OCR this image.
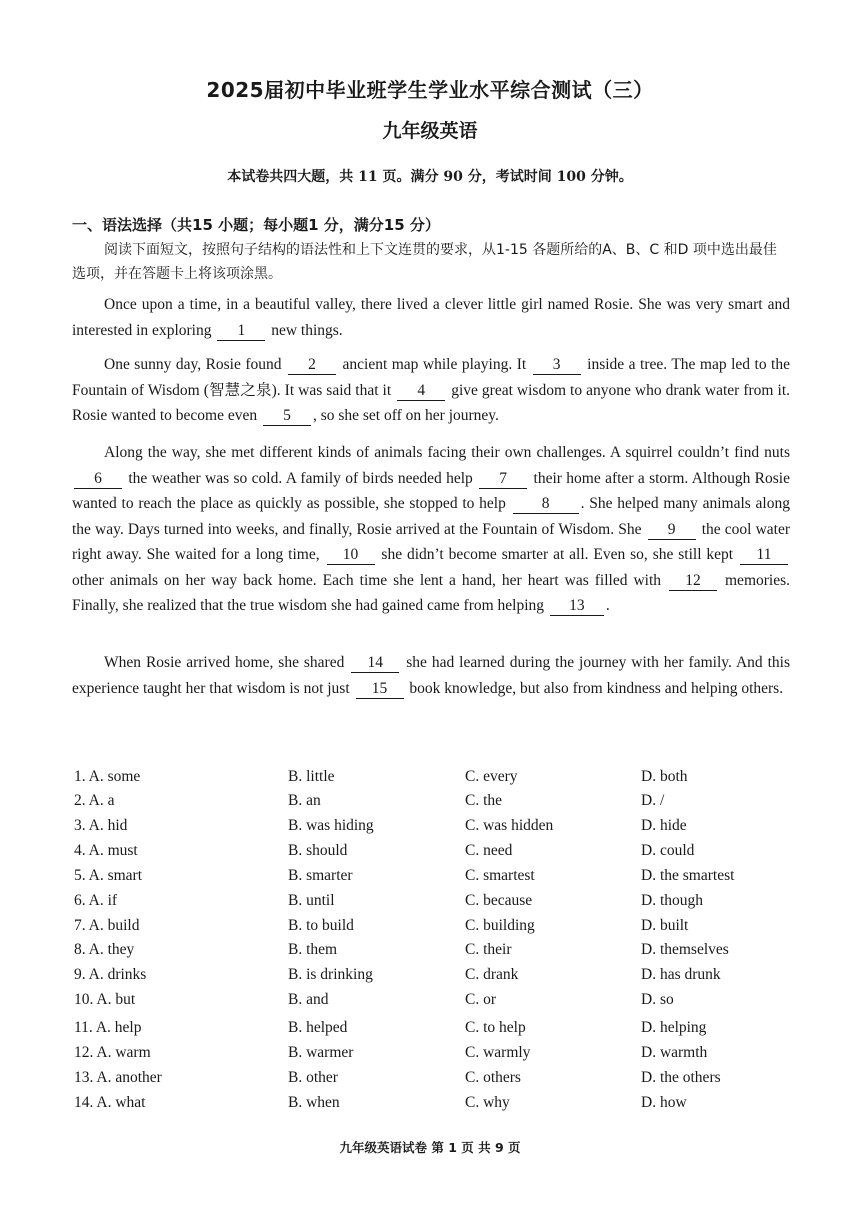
2025届初中毕业班学生学业水平综合测试（三）
九年级英语
本试卷共四大题，共 11 页。满分 90 分，考试时间 100 分钟。
一、语法选择（共15 小题；每小题1 分，满分15 分）
阅读下面短文，按照句子结构的语法性和上下文连贯的要求，从1-15 各题所给的A、B、C 和D 项中选出最佳选项，并在答题卡上将该项涂黑。
Once upon a time, in a beautiful valley, there lived a clever little girl named Rosie. She was very smart and interested in exploring 1 new things.
One sunny day, Rosie found 2 ancient map while playing. It 3 inside a tree. The map led to the Fountain of Wisdom (智慧之泉). It was said that it 4 give great wisdom to anyone who drank water from it. Rosie wanted to become even 5 , so she set off on her journey.
Along the way, she met different kinds of animals facing their own challenges. A squirrel couldn’t find nuts 6 the weather was so cold. A family of birds needed help 7 their home after a storm. Although Rosie wanted to reach the place as quickly as possible, she stopped to help 8 . She helped many animals along the way. Days turned into weeks, and finally, Rosie arrived at the Fountain of Wisdom. She 9 the cool water right away. She waited for a long time, 10 she didn’t become smarter at all. Even so, she still kept 11 other animals on her way back home. Each time she lent a hand, her heart was filled with 12 memories. Finally, she realized that the true wisdom she had gained came from helping 13 .
When Rosie arrived home, she shared 14 she had learned during the journey with her family. And this experience taught her that wisdom is not just 15 book knowledge, but also from kindness and helping others.
1. A. some	B. little	C. every	D. both
2. A. a	B. an	C. the	D. /
3. A. hid	B. was hiding	C. was hidden	D. hide
4. A. must	B. should	C. need	D. could
5. A. smart	B. smarter	C. smartest	D. the smartest
6. A. if	B. until	C. because	D. though
7. A. build	B. to build	C. building	D. built
8. A. they	B. them	C. their	D. themselves
9. A. drinks	B. is drinking	C. drank	D. has drunk
10. A. but	B. and	C. or	D. so
11. A. help	B. helped	C. to help	D. helping
12. A. warm	B. warmer	C. warmly	D. warmth
13. A. another	B. other	C. others	D. the others
14. A. what	B. when	C. why	D. how
九年级英语试卷 第 1 页 共 9 页
